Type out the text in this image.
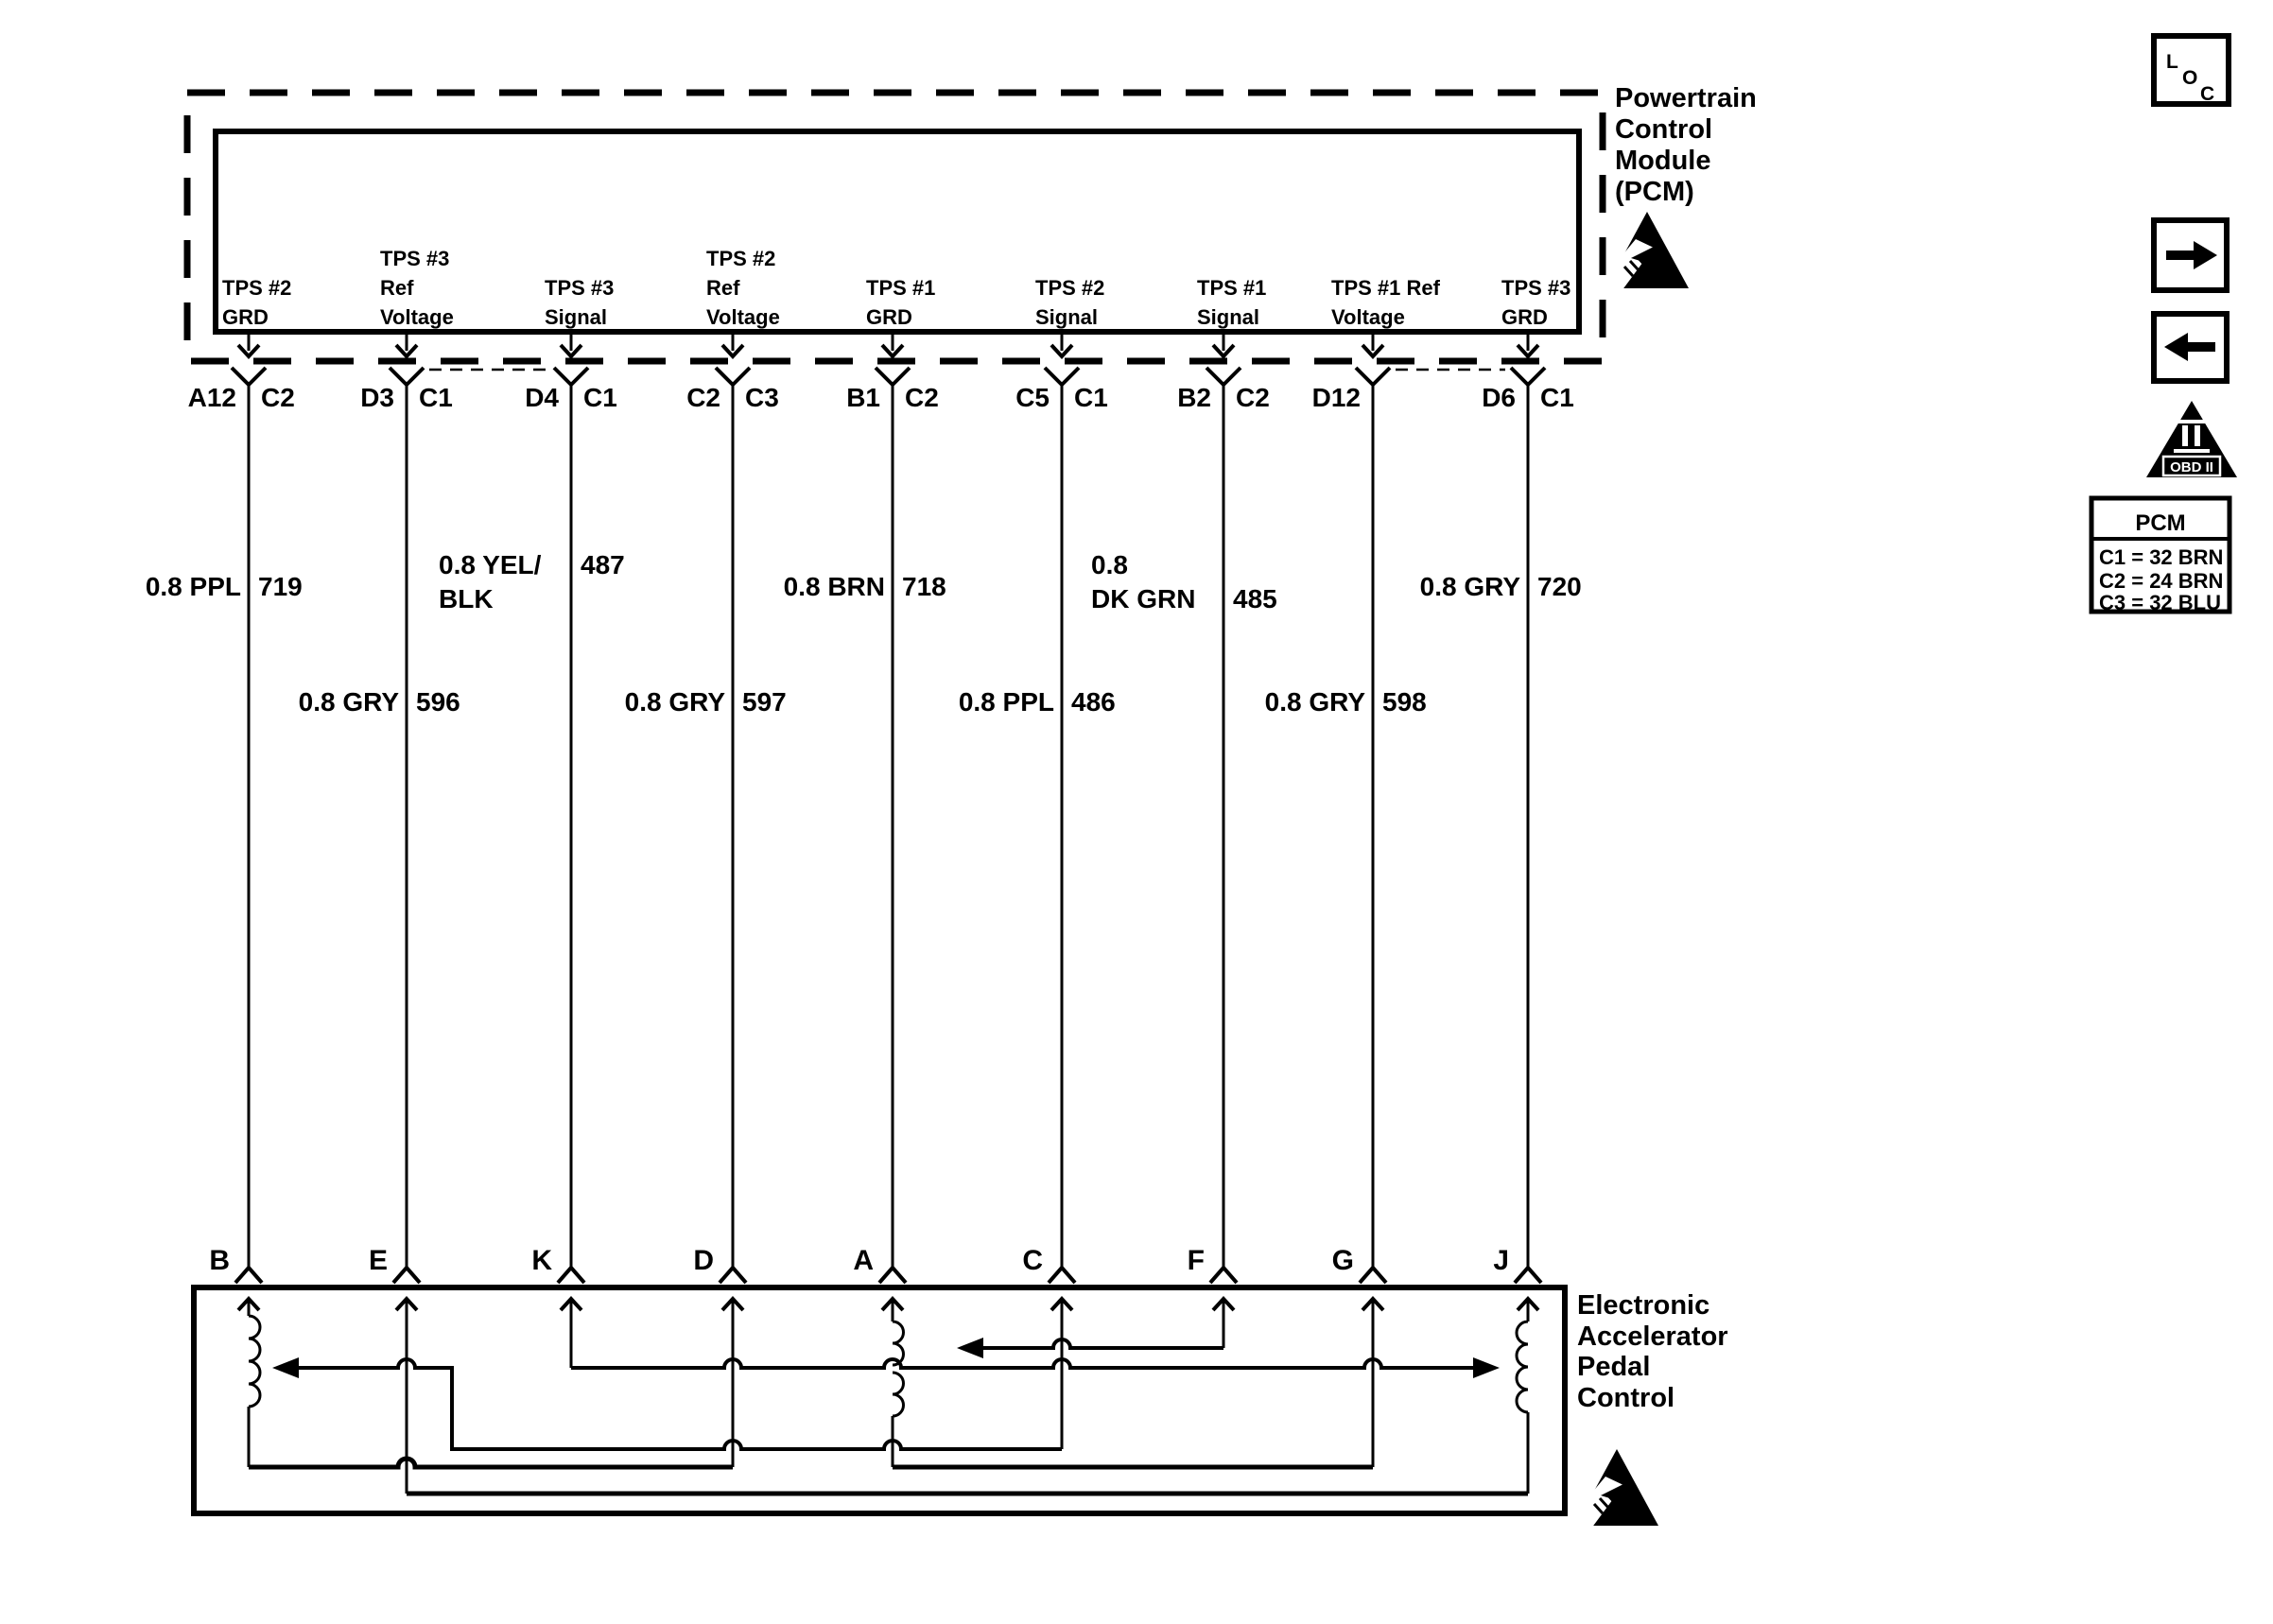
Powertrain
Control
Module
(PCM)
TPS #2
GRD
A12 C2
0.8 PPL 719
TPS #3
Ref
Voltage
D3 C1
0.8 GRY 596
TPS #3
Signal
D4 C1
0.8 YEL/
BLK
487
TPS #2
Ref
Voltage
C2 C3
0.8 GRY 597
TPS #1
GRD
B1 C2
0.8 BRN 718
TPS #2
Signal
C5 C1
0.8 PPL 486
TPS #1
Signal
B2 C2
0.8
DK GRN 485
TPS #1 Ref
Voltage
D12
0.8 GRY 598
TPS #3
GRD
D6 C1
0.8 GRY 720
Electronic
Accelerator
Pedal
Control
B	E	K	D	A	C	F	G	J
L
O
C
OBD II
PCM
C1 = 32 BRN
C2 = 24 BRN
C3 = 32 BLU
